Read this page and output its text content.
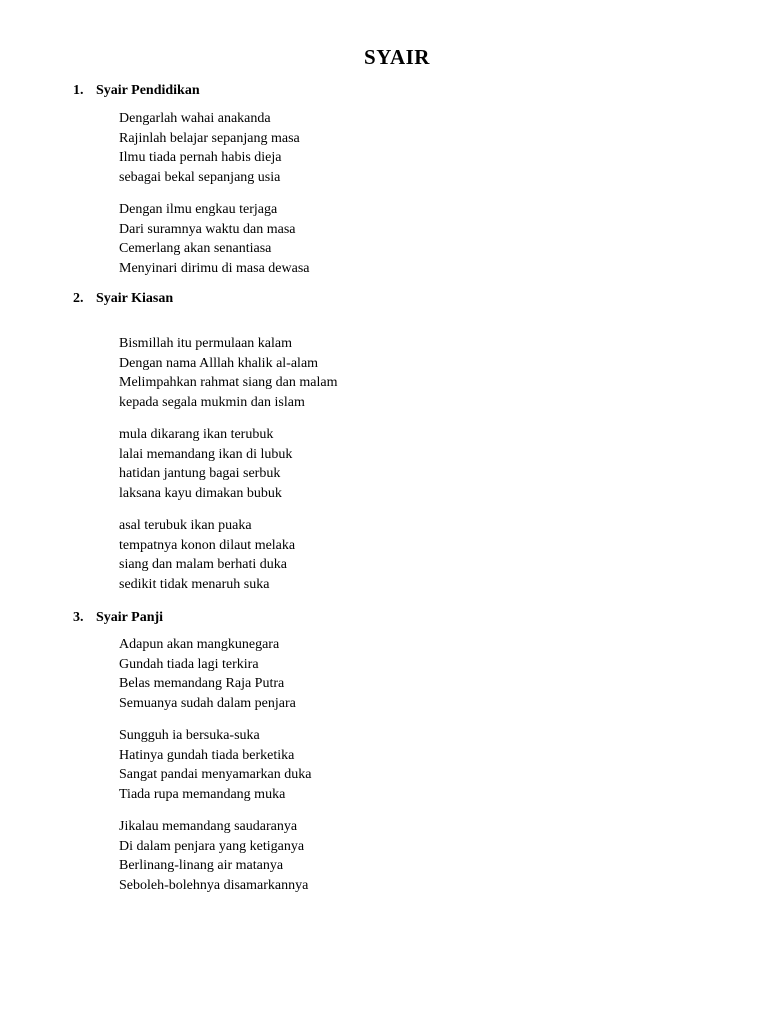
SYAIR
1. Syair Pendidikan
Dengarlah wahai anakanda
Rajinlah belajar sepanjang masa
Ilmu tiada pernah habis dieja
sebagai bekal sepanjang usia
Dengan ilmu engkau terjaga
Dari suramnya waktu dan masa
Cemerlang akan senantiasa
Menyinari dirimu di masa dewasa
2. Syair Kiasan
Bismillah itu permulaan kalam
Dengan nama Alllah khalik al-alam
Melimpahkan rahmat siang dan malam
kepada segala mukmin dan islam
mula dikarang ikan terubuk
lalai memandang ikan di lubuk
hatidan jantung bagai serbuk
laksana kayu dimakan bubuk
asal terubuk ikan puaka
tempatnya konon dilaut melaka
siang dan malam berhati duka
sedikit tidak menaruh suka
3. Syair Panji
Adapun akan mangkunegara
Gundah tiada lagi terkira
Belas memandang Raja Putra
Semuanya sudah dalam penjara
Sungguh ia bersuka-suka
Hatinya gundah tiada berketika
Sangat pandai menyamarkan duka
Tiada rupa memandang muka
Jikalau memandang saudaranya
Di dalam penjara yang ketiganya
Berlinang-linang air matanya
Seboleh-bolehnya disamarkannya
